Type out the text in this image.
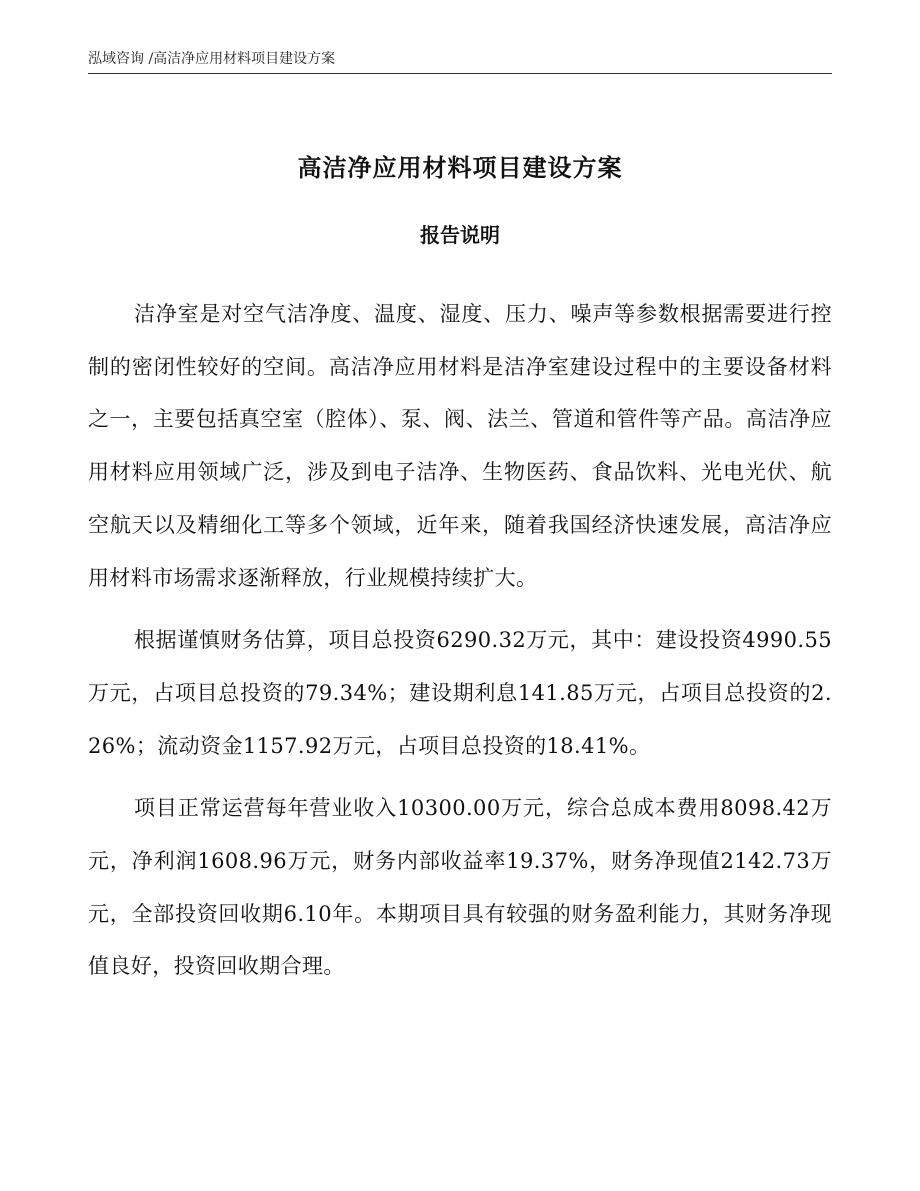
泓域咨询 /高洁净应用材料项目建设方案
高洁净应用材料项目建设方案
报告说明

洁净室是对空气洁净度、温度、湿度、压力、噪声等参数根据需要进行控制的密闭性较好的空间。高洁净应用材料是洁净室建设过程中的主要设备材料之一，主要包括真空室（腔体）、泵、阀、法兰、管道和管件等产品。高洁净应用材料应用领域广泛，涉及到电子洁净、生物医药、食品饮料、光电光伏、航空航天以及精细化工等多个领域，近年来，随着我国经济快速发展，高洁净应用材料市场需求逐渐释放，行业规模持续扩大。

根据谨慎财务估算，项目总投资6290.32万元，其中：建设投资4990.55万元，占项目总投资的79.34%；建设期利息141.85万元，占项目总投资的2.26%；流动资金1157.92万元，占项目总投资的18.41%。

项目正常运营每年营业收入10300.00万元，综合总成本费用8098.42万元，净利润1608.96万元，财务内部收益率19.37%，财务净现值2142.73万元，全部投资回收期6.10年。本期项目具有较强的财务盈利能力，其财务净现值良好，投资回收期合理。
